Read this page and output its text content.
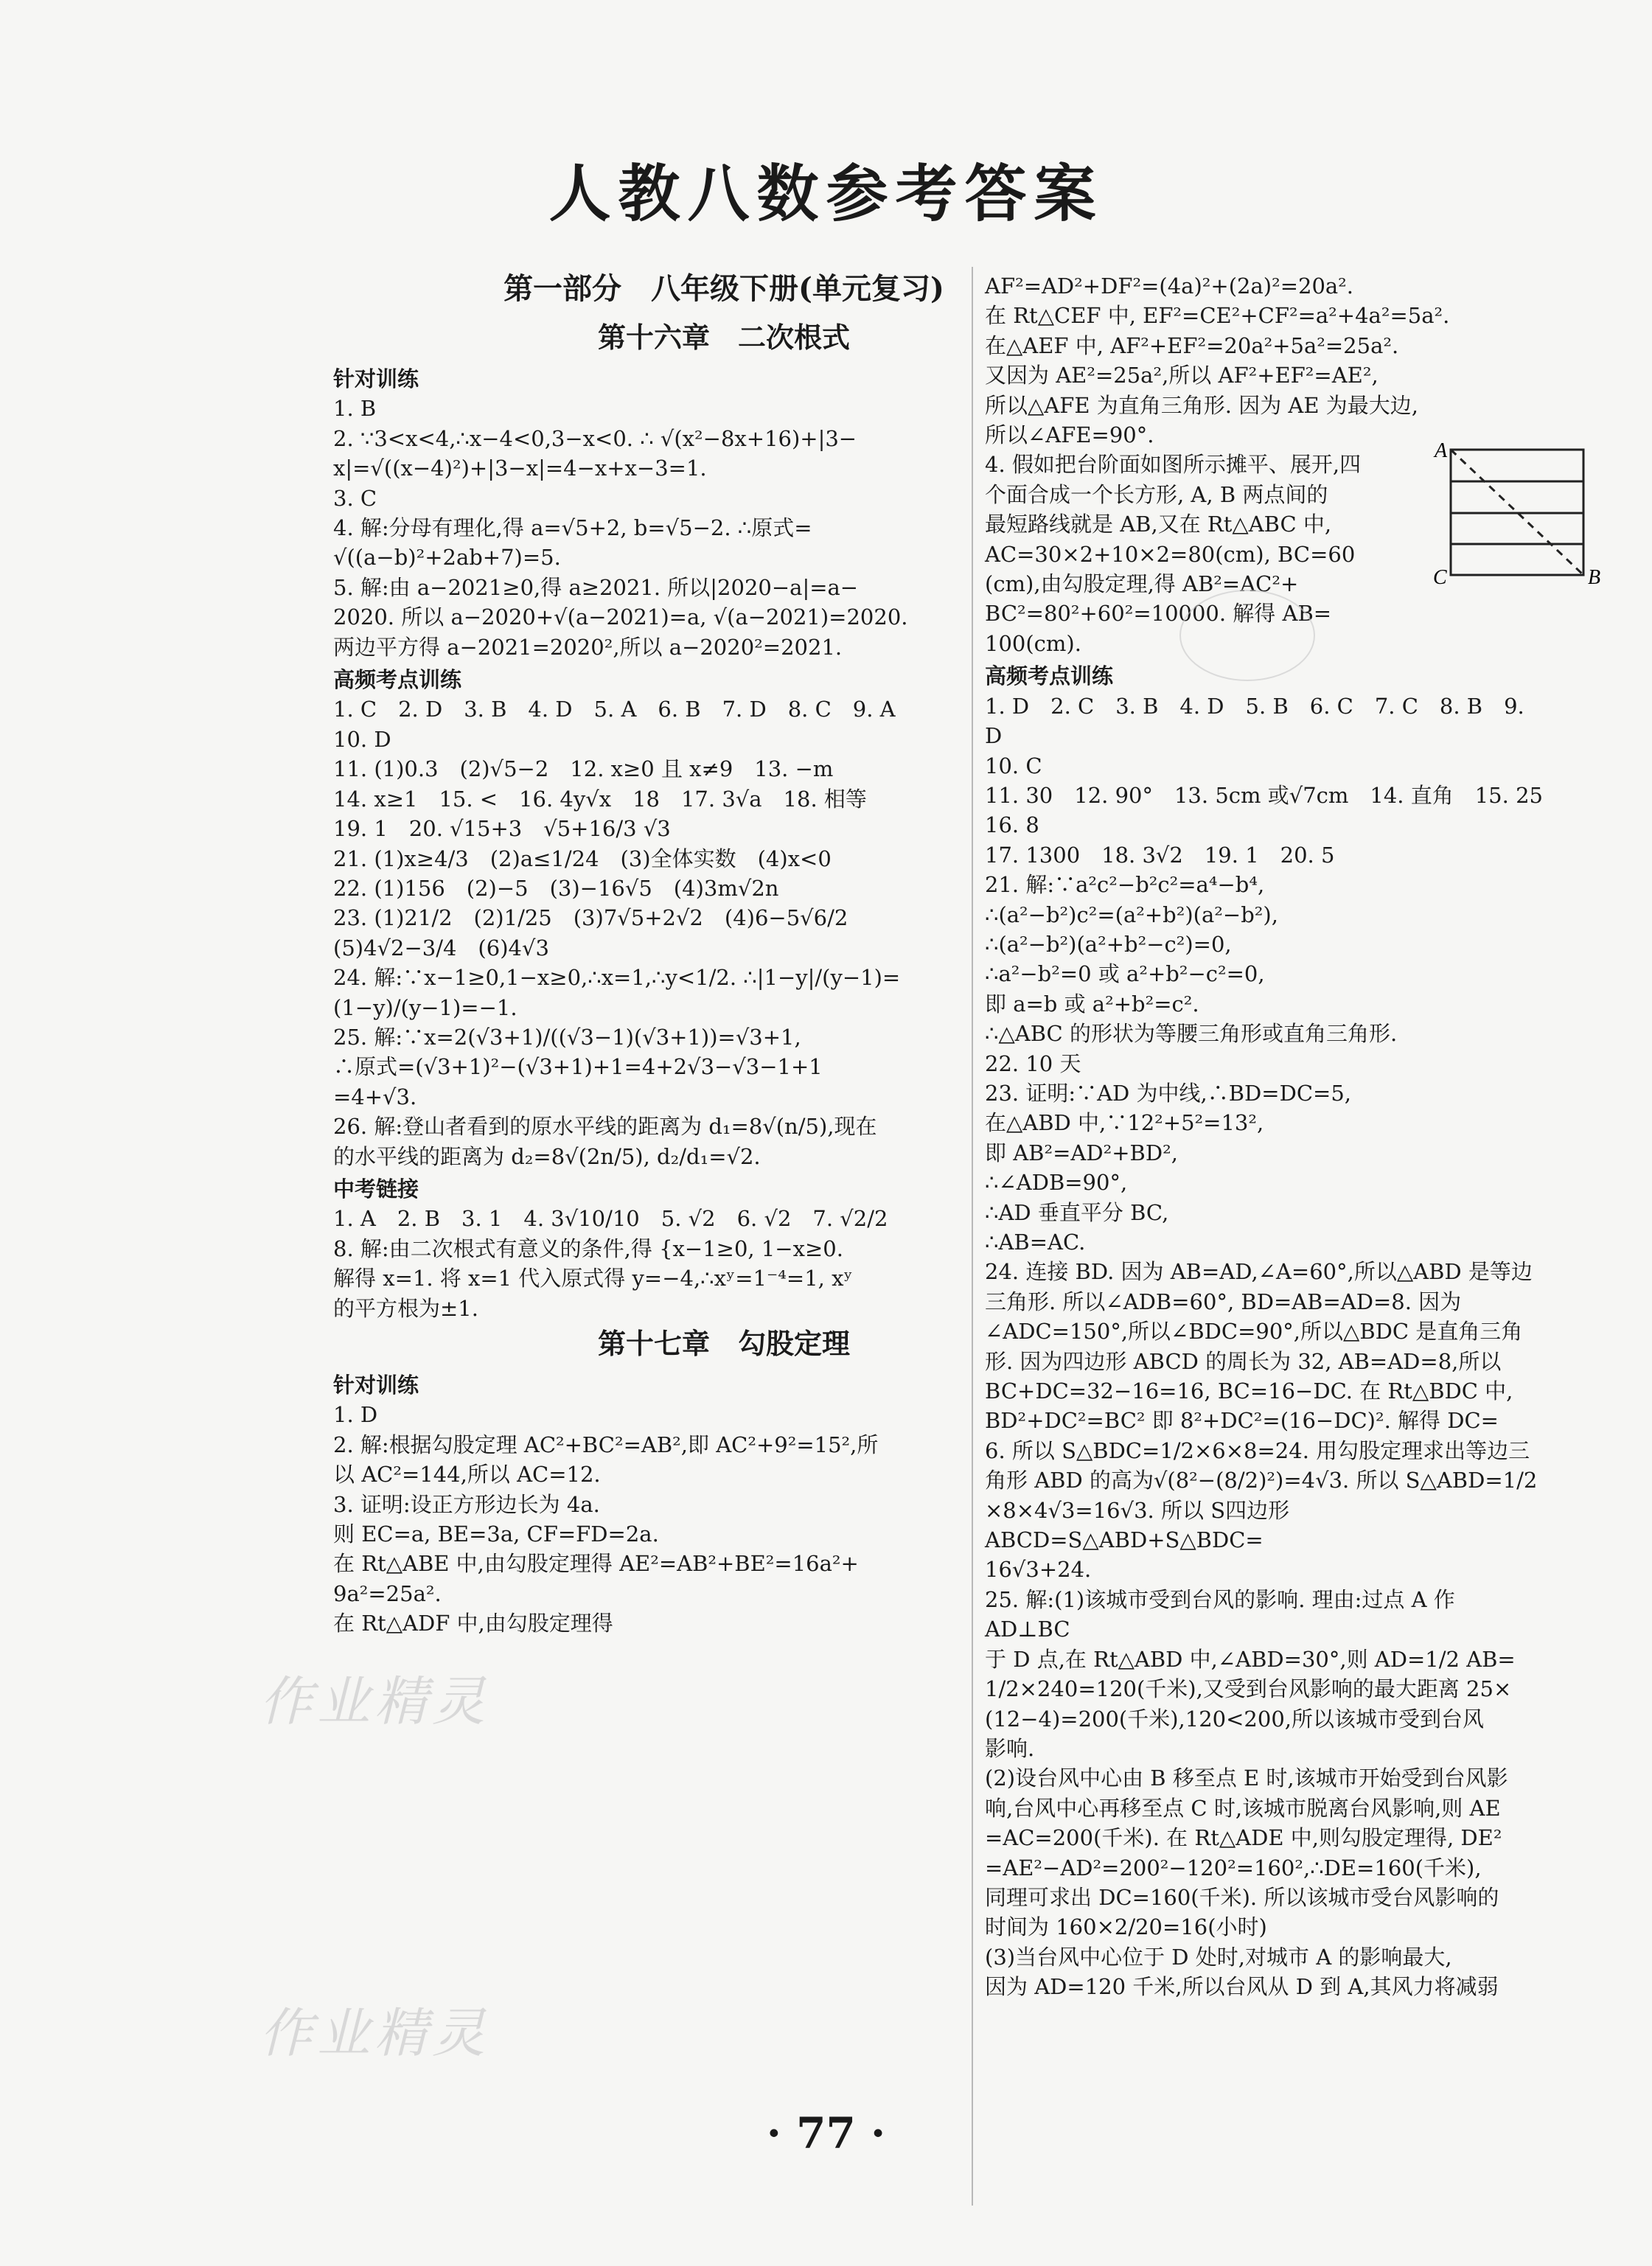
人教八数参考答案
第一部分　八年级下册(单元复习)
第十六章　二次根式
针对训练
1. B
2. ∵3<x<4,∴x−4<0,3−x<0. ∴ √(x²−8x+16)+|3−
x|=√((x−4)²)+|3−x|=4−x+x−3=1.
3. C
4. 解:分母有理化,得 a=√5+2, b=√5−2. ∴原式=
√((a−b)²+2ab+7)=5.
5. 解:由 a−2021≥0,得 a≥2021. 所以|2020−a|=a−
2020. 所以 a−2020+√(a−2021)=a, √(a−2021)=2020.
两边平方得 a−2021=2020²,所以 a−2020²=2021.
高频考点训练
1. C　2. D　3. B　4. D　5. A　6. B　7. D　8. C　9. A
10. D
11. (1)0.3　(2)√5−2　12. x≥0 且 x≠9　13. −m
14. x≥1　15. <　16. 4y√x　18　17. 3√a　18. 相等
19. 1　20. √15+3　√5+16/3 √3
21. (1)x≥4/3　(2)a≤1/24　(3)全体实数　(4)x<0
22. (1)156　(2)−5　(3)−16√5　(4)3m√2n
23. (1)21/2　(2)1/25　(3)7√5+2√2　(4)6−5√6/2
(5)4√2−3/4　(6)4√3
24. 解:∵x−1≥0,1−x≥0,∴x=1,∴y<1/2. ∴|1−y|/(y−1)=
(1−y)/(y−1)=−1.
25. 解:∵x=2(√3+1)/((√3−1)(√3+1))=√3+1,
∴原式=(√3+1)²−(√3+1)+1=4+2√3−√3−1+1
=4+√3.
26. 解:登山者看到的原水平线的距离为 d₁=8√(n/5),现在
的水平线的距离为 d₂=8√(2n/5), d₂/d₁=√2.
中考链接
1. A　2. B　3. 1　4. 3√10/10　5. √2　6. √2　7. √2/2
8. 解:由二次根式有意义的条件,得 {x−1≥0, 1−x≥0.
解得 x=1. 将 x=1 代入原式得 y=−4,∴xʸ=1⁻⁴=1, xʸ
的平方根为±1.
第十七章　勾股定理
针对训练
1. D
2. 解:根据勾股定理 AC²+BC²=AB²,即 AC²+9²=15²,所
以 AC²=144,所以 AC=12.
3. 证明:设正方形边长为 4a.
则 EC=a, BE=3a, CF=FD=2a.
在 Rt△ABE 中,由勾股定理得 AE²=AB²+BE²=16a²+
9a²=25a².
在 Rt△ADF 中,由勾股定理得
AF²=AD²+DF²=(4a)²+(2a)²=20a².
在 Rt△CEF 中, EF²=CE²+CF²=a²+4a²=5a².
在△AEF 中, AF²+EF²=20a²+5a²=25a².
又因为 AE²=25a²,所以 AF²+EF²=AE²,
所以△AFE 为直角三角形. 因为 AE 为最大边,
所以∠AFE=90°.
4. 假如把台阶面如图所示摊平、展开,四
个面合成一个长方形, A, B 两点间的
最短路线就是 AB,又在 Rt△ABC 中,
AC=30×2+10×2=80(cm), BC=60
(cm),由勾股定理,得 AB²=AC²+
BC²=80²+60²=10000. 解得 AB=
100(cm).
高频考点训练
1. D　2. C　3. B　4. D　5. B　6. C　7. C　8. B　9. D
10. C
11. 30　12. 90°　13. 5cm 或√7cm　14. 直角　15. 25　16. 8
17. 1300　18. 3√2　19. 1　20. 5
21. 解:∵a²c²−b²c²=a⁴−b⁴,
∴(a²−b²)c²=(a²+b²)(a²−b²),
∴(a²−b²)(a²+b²−c²)=0,
∴a²−b²=0 或 a²+b²−c²=0,
即 a=b 或 a²+b²=c².
∴△ABC 的形状为等腰三角形或直角三角形.
22. 10 天
23. 证明:∵AD 为中线,∴BD=DC=5,
在△ABD 中,∵12²+5²=13²,
即 AB²=AD²+BD²,
∴∠ADB=90°,
∴AD 垂直平分 BC,
∴AB=AC.
24. 连接 BD. 因为 AB=AD,∠A=60°,所以△ABD 是等边
三角形. 所以∠ADB=60°, BD=AB=AD=8. 因为
∠ADC=150°,所以∠BDC=90°,所以△BDC 是直角三角
形. 因为四边形 ABCD 的周长为 32, AB=AD=8,所以
BC+DC=32−16=16, BC=16−DC. 在 Rt△BDC 中,
BD²+DC²=BC² 即 8²+DC²=(16−DC)². 解得 DC=
6. 所以 S△BDC=1/2×6×8=24. 用勾股定理求出等边三
角形 ABD 的高为√(8²−(8/2)²)=4√3. 所以 S△ABD=1/2
×8×4√3=16√3. 所以 S四边形ABCD=S△ABD+S△BDC=
16√3+24.
25. 解:(1)该城市受到台风的影响. 理由:过点 A 作 AD⊥BC
于 D 点,在 Rt△ABD 中,∠ABD=30°,则 AD=1/2 AB=
1/2×240=120(千米),又受到台风影响的最大距离 25×
(12−4)=200(千米),120<200,所以该城市受到台风
影响.
(2)设台风中心由 B 移至点 E 时,该城市开始受到台风影
响,台风中心再移至点 C 时,该城市脱离台风影响,则 AE
=AC=200(千米). 在 Rt△ADE 中,则勾股定理得, DE²
=AE²−AD²=200²−120²=160²,∴DE=160(千米),
同理可求出 DC=160(千米). 所以该城市受台风影响的
时间为 160×2/20=16(小时)
(3)当台风中心位于 D 处时,对城市 A 的影响最大,
因为 AD=120 千米,所以台风从 D 到 A,其风力将减弱
A
C	B
作业精灵
作业精灵
· 77 ·
